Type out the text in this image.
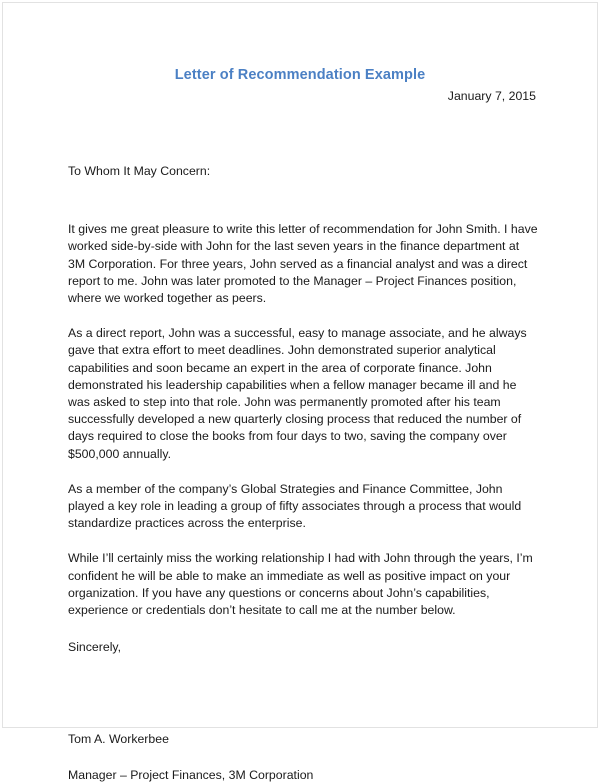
Letter of Recommendation Example
January 7, 2015

To Whom It May Concern:

It gives me great pleasure to write this letter of recommendation for John Smith. I have worked side-by-side with John for the last seven years in the finance department at 3M Corporation. For three years, John served as a financial analyst and was a direct report to me. John was later promoted to the Manager – Project Finances position, where we worked together as peers.

As a direct report, John was a successful, easy to manage associate, and he always gave that extra effort to meet deadlines. John demonstrated superior analytical capabilities and soon became an expert in the area of corporate finance. John demonstrated his leadership capabilities when a fellow manager became ill and he was asked to step into that role. John was permanently promoted after his team successfully developed a new quarterly closing process that reduced the number of days required to close the books from four days to two, saving the company over $500,000 annually.

As a member of the company’s Global Strategies and Finance Committee, John played a key role in leading a group of fifty associates through a process that would standardize practices across the enterprise.

While I’ll certainly miss the working relationship I had with John through the years, I’m confident he will be able to make an immediate as well as positive impact on your organization. If you have any questions or concerns about John’s capabilities, experience or credentials don’t hesitate to call me at the number below.

Sincerely,

Tom A. Workerbee

Manager – Project Finances, 3M Corporation
